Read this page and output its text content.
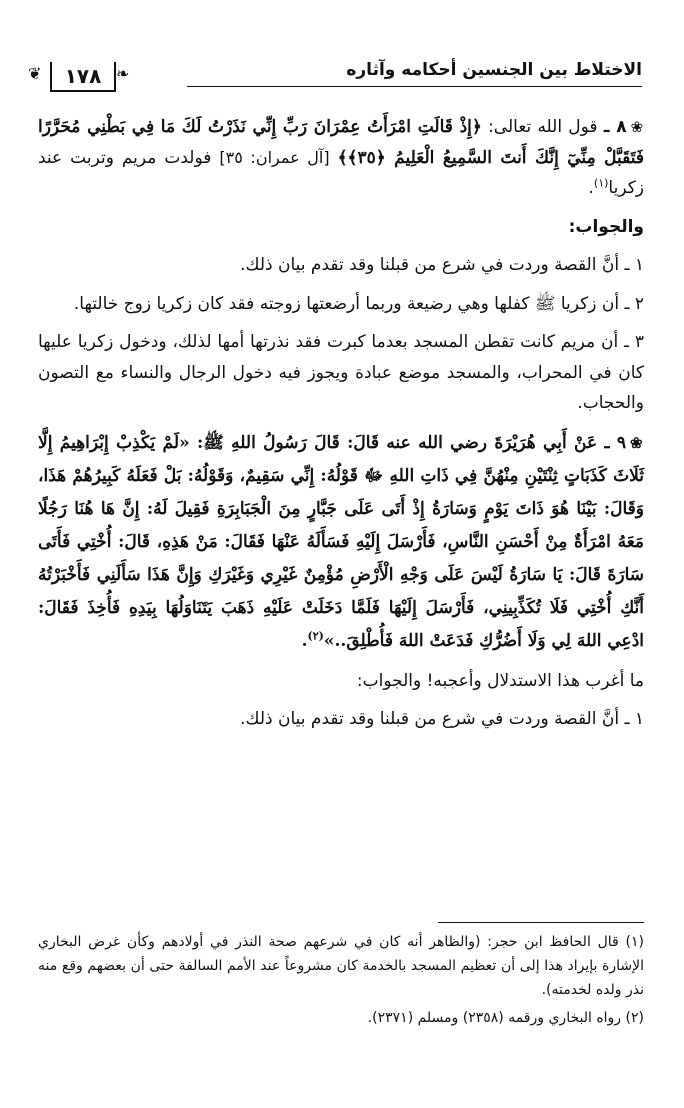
الاختلاط بين الجنسين أحكامه وآثاره
❦	١٧٨ ❧

❀٨ ـ قول الله تعالى: ﴿إِذْ قَالَتِ امْرَأَتُ عِمْرَانَ رَبِّ إِنِّي نَذَرْتُ لَكَ مَا فِي بَطْنِي مُحَرَّرًا فَتَقَبَّلْ مِنِّيٓ إِنَّكَ أَنتَ السَّمِيعُ الْعَلِيمُ ﴿٣٥﴾﴾ [آل عمران: ٣٥] فولدت مريم وتربت عند زكريا$^{(١)}$.

والجواب:

١ ـ أنَّ القصة وردت في شرع من قبلنا وقد تقدم بيان ذلك.

٢ ـ أن زكريا ﷺ كفلها وهي رضيعة وربما أرضعتها زوجته فقد كان زكريا زوج خالتها.

٣ ـ أن مريم كانت تقطن المسجد بعدما كبرت فقد نذرتها أمها لذلك، ودخول زكريا عليها كان في المحراب، والمسجد موضع عبادة ويجوز فيه دخول الرجال والنساء مع التصون والحجاب.

❀٩ ـ عَنْ أَبِي هُرَيْرَةَ رضي الله عنه قَالَ: قَالَ رَسُولُ اللهِ ﷺ: «لَمْ يَكْذِبْ إِبْرَاهِيمُ إِلَّا ثَلَاثَ كَذَبَاتٍ ثِنْتَيْنِ مِنْهُنَّ فِي ذَاتِ اللهِ ﷻ قَوْلُهُ: إِنِّي سَقِيمٌ، وَقَوْلُهُ: بَلْ فَعَلَهُ كَبِيرُهُمْ هَذَا، وَقَالَ: بَيْنَا هُوَ ذَاتَ يَوْمٍ وَسَارَةُ إِذْ أَتَى عَلَى جَبَّارٍ مِنَ الْجَبَابِرَةِ فَقِيلَ لَهُ: إِنَّ هَا هُنَا رَجُلًا مَعَهُ امْرَأَةٌ مِنْ أَحْسَنِ النَّاسِ، فَأَرْسَلَ إِلَيْهِ فَسَأَلَهُ عَنْهَا فَقَالَ: مَنْ هَذِهِ، قَالَ: أُخْتِي فَأَتَى سَارَةَ قَالَ: يَا سَارَةُ لَيْسَ عَلَى وَجْهِ الْأَرْضِ مُؤْمِنٌ غَيْرِي وَغَيْرَكِ وَإِنَّ هَذَا سَأَلَنِي فَأَخْبَرْتُهُ أَنَّكِ أُخْتِي فَلَا تُكَذِّبِينِي، فَأَرْسَلَ إِلَيْهَا فَلَمَّا دَخَلَتْ عَلَيْهِ ذَهَبَ يَتَنَاوَلُهَا بِيَدِهِ فَأُخِذَ فَقَالَ: ادْعِي اللهَ لِي وَلَا أَضُرُّكِ فَدَعَتْ اللهَ فَأُطْلِقَ..»$^{(٢)}$.

ما أغرب هذا الاستدلال وأعجبه! والجواب:

١ ـ أنَّ القصة وردت في شرع من قبلنا وقد تقدم بيان ذلك.

(١) قال الحافظ ابن حجر: (والظاهر أنه كان في شرعهم صحة النذر في أولادهم وكأن غرض البخاري الإشارة بإيراد هذا إلى أن تعظيم المسجد بالخدمة كان مشروعاً عند الأمم السالفة حتى أن بعضهم وقع منه نذر ولده لخدمته).

(٢) رواه البخاري ورقمه (٢٣٥٨) ومسلم (٢٣٧١).
